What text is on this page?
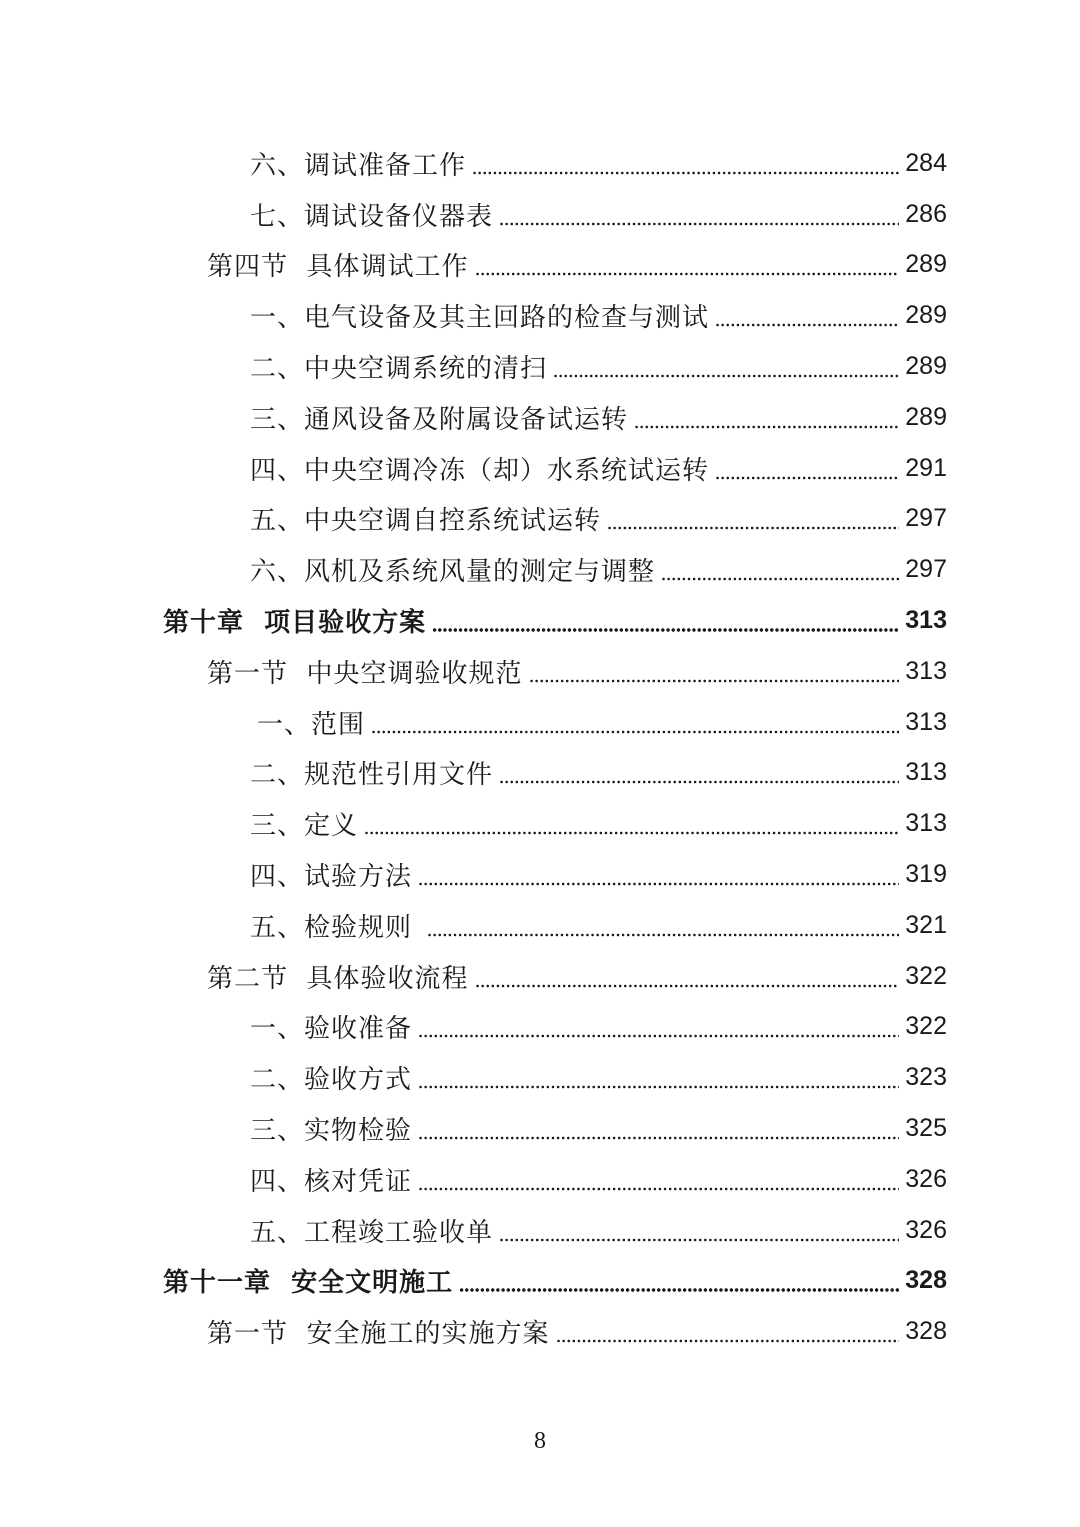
六、调试准备工作	284
七、调试设备仪器表	286
第四节  具体调试工作	289
一、电气设备及其主回路的检查与测试	289
二、中央空调系统的清扫	289
三、通风设备及附属设备试运转	289
四、中央空调冷冻（却）水系统试运转	291
五、中央空调自控系统试运转	297
六、风机及系统风量的测定与调整	297
第十章  项目验收方案	313
第一节  中央空调验收规范	313
一、范围	313
二、规范性引用文件	313
三、定义	313
四、试验方法	319
五、检验规则	321
第二节  具体验收流程	322
一、验收准备	322
二、验收方式	323
三、实物检验	325
四、核对凭证	326
五、工程竣工验收单	326
第十一章  安全文明施工	328
第一节  安全施工的实施方案	328
8
